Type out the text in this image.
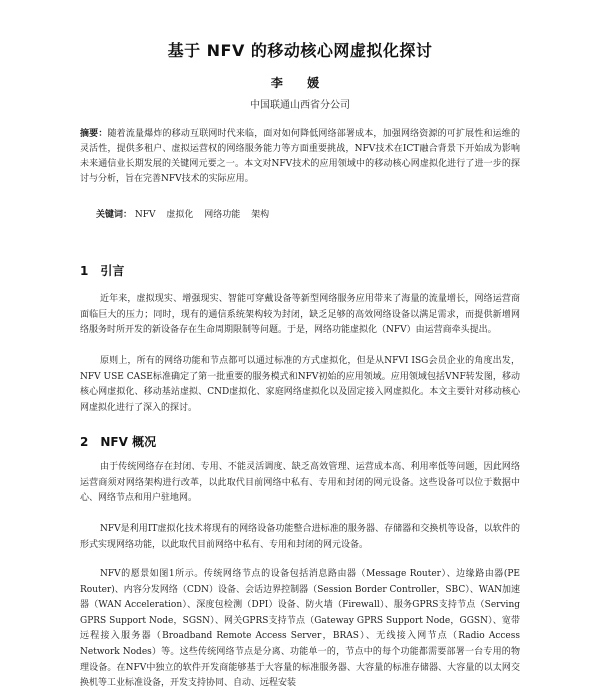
基于 NFV 的移动核心网虚拟化探讨
李 媛
中国联通山西省分公司
摘要：随着流量爆炸的移动互联网时代来临，面对如何降低网络部署成本，加强网络资源的可扩展性和运维的灵活性，提供多租户、虚拟运营权的网络服务能力等方面重要挑战，NFV技术在ICT融合背景下开始成为影响未来通信业长期发展的关键网元要之一。本文对NFV技术的应用领域中的移动核心网虚拟化进行了进一步的探讨与分析，旨在完善NFV技术的实际应用。
关键词： NFV 虚拟化 网络功能 架构
1 引言

近年来，虚拟现实、增强现实、智能可穿戴设备等新型网络服务应用带来了海量的流量增长，网络运营商面临巨大的压力；同时，现有的通信系统架构较为封闭，缺乏足够的高效网络设备以满足需求，而提供新增网络服务时所开发的新设备存在生命周期限制等问题。于是，网络功能虚拟化（NFV）由运营商牵头提出。

原则上，所有的网络功能和节点都可以通过标准的方式虚拟化，但是从NFVI ISG会员企业的角度出发，NFV USE CASE标准确定了第一批重要的服务模式和NFV初始的应用领域。应用领域包括VNF转发图，移动核心网虚拟化、移动基站虚拟、CND虚拟化、家庭网络虚拟化以及固定接入网虚拟化。本文主要针对移动核心网虚拟化进行了深入的探讨。

2 NFV 概况

由于传统网络存在封闭、专用、不能灵活调度、缺乏高效管理、运营成本高、利用率低等问题，因此网络运营商须对网络架构进行改革，以此取代目前网络中私有、专用和封闭的网元设备。这些设备可以位于数据中心、网络节点和用户驻地网。

NFV是利用IT虚拟化技术将现有的网络设备功能整合进标准的服务器、存储器和交换机等设备，以软件的形式实现网络功能，以此取代目前网络中私有、专用和封闭的网元设备。

NFV的愿景如图1所示。传统网络节点的设备包括消息路由器（Message Router）、边缘路由器(PE Router)、内容分发网络（CDN）设备、会话边界控制器（Session Border Controller，SBC）、WAN加速器（WAN Acceleration）、深度包检测（DPI）设备、防火墙（Firewall）、服务GPRS支持节点（Serving GPRS Support Node，SGSN）、网关GPRS支持节点（Gateway GPRS Support Node，GGSN）、宽带远程接入服务器（Broadband Remote Access Server，BRAS）、无线接入网节点（Radio Access Network Nodes）等。这些传统网络节点是分离、功能单一的，节点中的每个功能都需要部署一台专用的物理设备。在NFV中独立的软件开发商能够基于大容量的标准服务器、大容量的标准存储器、大容量的以太网交换机等工业标准设备，开发支持协同、自动、远程安装
